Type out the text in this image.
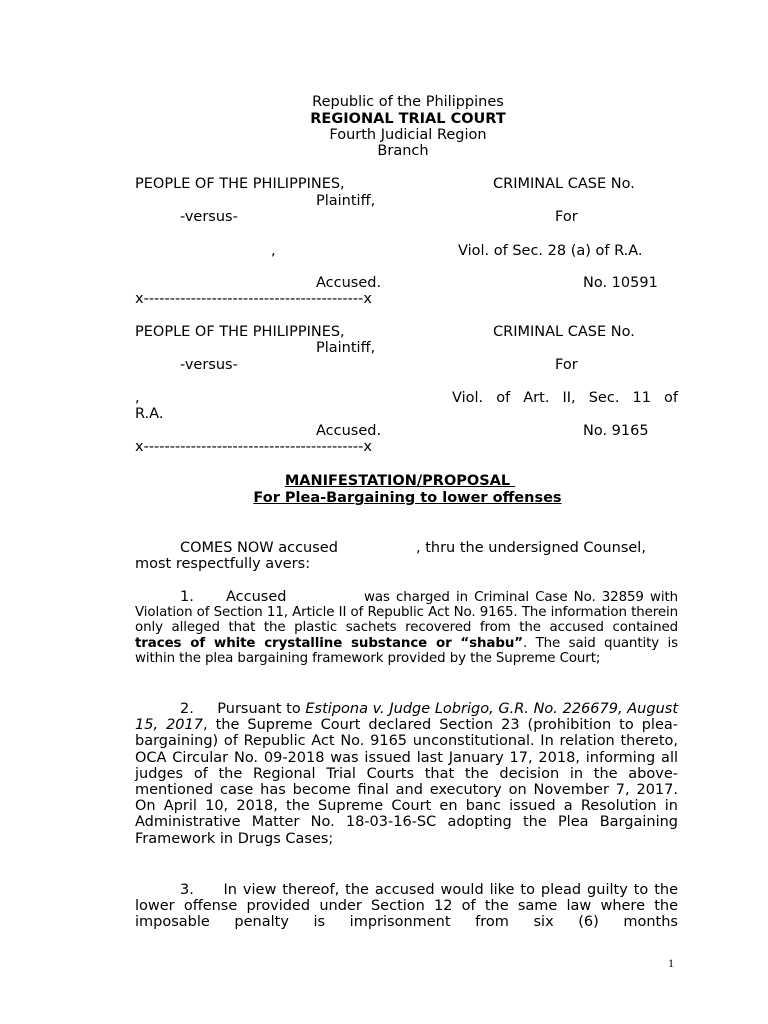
Republic of the Philippines
REGIONAL TRIAL COURT
Fourth Judicial Region
Branch
PEOPLE OF THE PHILIPPINES,	CRIMINAL CASE No.
Plaintiff,
-versus-	For
,	Viol. of Sec. 28 (a) of R.A.
Accused.	No. 10591
x------------------------------------------x
PEOPLE OF THE PHILIPPINES,	CRIMINAL CASE No.
Plaintiff,
-versus-	For
,	Viol. of Art. II, Sec. 11 of
R.A.
Accused.	No. 9165
x------------------------------------------x
MANIFESTATION/PROPOSAL
For Plea-Bargaining to lower offenses
COMES NOW accused	, thru the undersigned Counsel,
most respectfully avers:
1. Accused	was charged in Criminal Case No. 32859 with Violation of Section 11, Article II of Republic Act No. 9165. The information therein only alleged that the plastic sachets recovered from the accused contained traces of white crystalline substance or “shabu”. The said quantity is within the plea bargaining framework provided by the Supreme Court;
2. Pursuant to Estipona v. Judge Lobrigo, G.R. No. 226679, August 15, 2017, the Supreme Court declared Section 23 (prohibition to plea-bargaining) of Republic Act No. 9165 unconstitutional. In relation thereto, OCA Circular No. 09-2018 was issued last January 17, 2018, informing all judges of the Regional Trial Courts that the decision in the above-mentioned case has become final and executory on November 7, 2017. On April 10, 2018, the Supreme Court en banc issued a Resolution in Administrative Matter No. 18-03-16-SC adopting the Plea Bargaining Framework in Drugs Cases;
3. In view thereof, the accused would like to plead guilty to the lower offense provided under Section 12 of the same law where the imposable penalty is imprisonment from six (6) months
1
